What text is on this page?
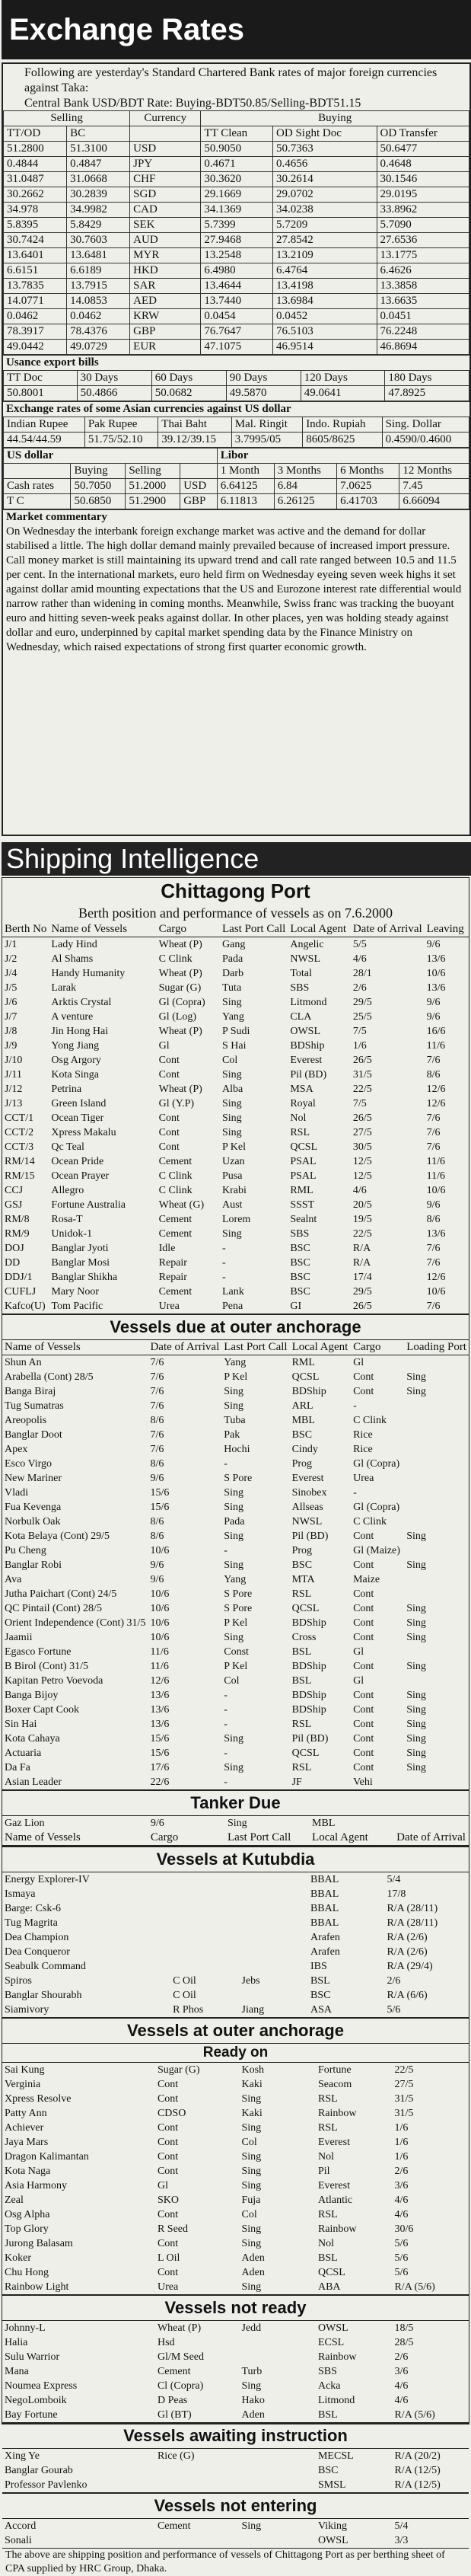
Exchange Rates
Following are yesterday's Standard Chartered Bank rates of major foreign currencies against Taka:
Central Bank USD/BDT Rate: Buying-BDT50.85/Selling-BDT51.15
Selling		Currency	Buying		
TT/OD	BC		TT Clean	OD Sight Doc	OD Transfer
51.2800	51.3100	USD	50.9050	50.7363	50.6477
0.4844	0.4847	JPY	0.4671	0.4656	0.4648
31.0487	31.0668	CHF	30.3620	30.2614	30.1546
30.2662	30.2839	SGD	29.1669	29.0702	29.0195
34.978	34.9982	CAD	34.1369	34.0238	33.8962
5.8395	5.8429	SEK	5.7399	5.7209	5.7090
30.7424	30.7603	AUD	27.9468	27.8542	27.6536
13.6401	13.6481	MYR	13.2548	13.2109	13.1775
6.6151	6.6189	HKD	6.4980	6.4764	6.4626
13.7835	13.7915	SAR	13.4644	13.4198	13.3858
14.0771	14.0853	AED	13.7440	13.6984	13.6635
0.0462	0.0462	KRW	0.0454	0.0452	0.0451
78.3917	78.4376	GBP	76.7647	76.5103	76.2248
49.0442	49.0729	EUR	47.1075	46.9514	46.8694
Usance export bills
TT Doc	30 Days	60 Days	90 Days	120 Days	180 Days
50.8001	50.4866	50.0682	49.5870	49.0641	47.8925
Exchange rates of some Asian currencies against US dollar
Indian Rupee	Pak Rupee	Thai Baht	Mal. Ringit	Indo. Rupiah	Sing. Dollar
44.54/44.59	51.75/52.10	39.12/39.15	3.7995/05	8605/8625	0.4590/0.4600
US dollar				Libor			
	Buying	Selling		1 Month	3 Months	6 Months	12 Months
Cash rates	50.7050	51.2000	USD	6.64125	6.84	7.0625	7.45
T C	50.6850	51.2900	GBP	6.11813	6.26125	6.41703	6.66094
Market commentary
On Wednesday the interbank foreign exchange market was active and the demand for dollar stabilised a little. The high dollar demand mainly prevailed because of increased import pressure. Call money market is still maintaining its upward trend and call rate ranged between 10.5 and 11.5 per cent. In the international markets, euro held firm on Wednesday eyeing seven week highs it set against dollar amid mounting expectations that the US and Eurozone interest rate differential would narrow rather than widening in coming months. Meanwhile, Swiss franc was tracking the buoyant euro and hitting seven-week peaks against dollar. In other places, yen was holding steady against dollar and euro, underpinned by capital market spending data by the Finance Ministry on Wednesday, which raised expectations of strong first quarter economic growth.
Shipping Intelligence
Chittagong Port
Berth position and performance of vessels as on 7.6.2000
Berth No	Name of Vessels	Cargo	Last Port Call	Local Agent	Date of Arrival	Leaving
J/1	Lady Hind	Wheat (P)	Gang	Angelic	5/5	9/6
J/2	Al Shams	C Clink	Pada	NWSL	4/6	13/6
J/4	Handy Humanity	Wheat (P)	Darb	Total	28/1	10/6
J/5	Larak	Sugar (G)	Tuta	SBS	2/6	13/6
J/6	Arktis Crystal	Gl (Copra)	Sing	Litmond	29/5	9/6
J/7	A venture	Gl (Log)	Yang	CLA	25/5	9/6
J/8	Jin Hong Hai	Wheat (P)	P Sudi	OWSL	7/5	16/6
J/9	Yong Jiang	Gl	S Hai	BDShip	1/6	11/6
J/10	Osg Argory	Cont	Col	Everest	26/5	7/6
J/11	Kota Singa	Cont	Sing	Pil (BD)	31/5	8/6
J/12	Petrina	Wheat (P)	Alba	MSA	22/5	12/6
J/13	Green Island	Gl (Y.P)	Sing	Royal	7/5	12/6
CCT/1	Ocean Tiger	Cont	Sing	Nol	26/5	7/6
CCT/2	Xpress Makalu	Cont	Sing	RSL	27/5	7/6
CCT/3	Qc Teal	Cont	P Kel	QCSL	30/5	7/6
RM/14	Ocean Pride	Cement	Uzan	PSAL	12/5	11/6
RM/15	Ocean Prayer	C Clink	Pusa	PSAL	12/5	11/6
CCJ	Allegro	C Clink	Krabi	RML	4/6	10/6
GSJ	Fortune Australia	Wheat (G)	Aust	SSST	20/5	9/6
RM/8	Rosa-T	Cement	Lorem	Sealnt	19/5	8/6
RM/9	Unidok-1	Cement	Sing	SBS	22/5	13/6
DOJ	Banglar Jyoti	Idle	-	BSC	R/A	7/6
DD	Banglar Mosi	Repair	-	BSC	R/A	7/6
DDJ/1	Banglar Shikha	Repair	-	BSC	17/4	12/6
CUFLJ	Mary Noor	Cement	Lank	BSC	29/5	10/6
Kafco(U)	Tom Pacific	Urea	Pena	GI	26/5	7/6
Vessels due at outer anchorage
Name of Vessels	Date of Arrival	Last Port Call	Local Agent	Cargo	Loading Port
Shun An	7/6	Yang	RML	Gl	
Arabella (Cont) 28/5	7/6	P Kel	QCSL	Cont	Sing
Banga Biraj	7/6	Sing	BDShip	Cont	Sing
Tug Sumatras	7/6	Sing	ARL	-	
Areopolis	8/6	Tuba	MBL	C Clink	
Banglar Doot	7/6	Pak	BSC	Rice	
Apex	7/6	Hochi	Cindy	Rice	
Esco Virgo	8/6	-	Prog	Gl (Copra)	
New Mariner	9/6	S Pore	Everest	Urea	
Vladi	15/6	Sing	Sinobex	-	
Fua Kevenga	15/6	Sing	Allseas	Gl (Copra)	
Norbulk Oak	8/6	Pada	NWSL	C Clink	
Kota Belaya (Cont) 29/5	8/6	Sing	Pil (BD)	Cont	Sing
Pu Cheng	10/6	-	Prog	Gl (Maize)	
Banglar Robi	9/6	Sing	BSC	Cont	Sing
Ava	9/6	Yang	MTA	Maize	
Jutha Paichart (Cont) 24/5	10/6	S Pore	RSL	Cont	
QC Pintail (Cont) 28/5	10/6	S Pore	QCSL	Cont	Sing
Orient Independence (Cont) 31/5	10/6	P Kel	BDShip	Cont	Sing
Jaamii	10/6	Sing	Cross	Cont	Sing
Egasco Fortune	11/6	Const	BSL	Gl	
B Birol (Cont) 31/5	11/6	P Kel	BDShip	Cont	Sing
Kapitan Petro Voevoda	12/6	Col	BSL	Gl	
Banga Bijoy	13/6	-	BDShip	Cont	Sing
Boxer Capt Cook	13/6	-	BDShip	Cont	Sing
Sin Hai	13/6	-	RSL	Cont	Sing
Kota Cahaya	15/6	Sing	Pil (BD)	Cont	Sing
Actuaria	15/6	-	QCSL	Cont	Sing
Da Fa	17/6	Sing	RSL	Cont	Sing
Asian Leader	22/6	-	JF	Vehi	
Tanker Due
Gaz Lion	9/6	Sing	MBL	
Name of Vessels	Cargo	Last Port Call	Local Agent	Date of Arrival
Vessels at Kutubdia
Energy Explorer-IV			BBAL	5/4
Ismaya			BBAL	17/8
Barge: Csk-6			BBAL	R/A (28/11)
Tug Magrita			BBAL	R/A (28/11)
Dea Champion			Arafen	R/A (2/6)
Dea Conqueror			Arafen	R/A (2/6)
Seabulk Command			IBS	R/A (29/4)
Spiros	C Oil	Jebs	BSL	2/6
Banglar Shourabh	C Oil		BSC	R/A (6/6)
Siamivory	R Phos	Jiang	ASA	5/6
Vessels at outer anchorage
Ready on
Sai Kung	Sugar (G)	Kosh	Fortune	22/5
Verginia	Cont	Kaki	Seacom	27/5
Xpress Resolve	Cont	Sing	RSL	31/5
Patty Ann	CDSO	Kaki	Rainbow	31/5
Achiever	Cont	Sing	RSL	1/6
Jaya Mars	Cont	Col	Everest	1/6
Dragon Kalimantan	Cont	Sing	Nol	1/6
Kota Naga	Cont	Sing	Pil	2/6
Asia Harmony	Gl	Sing	Everest	3/6
Zeal	SKO	Fuja	Atlantic	4/6
Osg Alpha	Cont	Col	RSL	4/6
Top Glory	R Seed	Sing	Rainbow	30/6
Jurong Balasam	Cont	Sing	Nol	5/6
Koker	L Oil	Aden	BSL	5/6
Chu Hong	Cont	Aden	QCSL	5/6
Rainbow Light	Urea	Sing	ABA	R/A (5/6)
Vessels not ready
Johnny-L	Wheat (P)	Jedd	OWSL	18/5
Halia	Hsd		ECSL	28/5
Sulu Warrior	Gl/M Seed		Rainbow	2/6
Mana	Cement	Turb	SBS	3/6
Noumea Express	Cl (Copra)	Sing	Acka	4/6
NegoLomboik	D Peas	Hako	Litmond	4/6
Bay Fortune	Gl (BT)	Aden	BSL	R/A (5/6)
Vessels awaiting instruction
Xing Ye	Rice (G)		MECSL	R/A (20/2)
Banglar Gourab			BSC	R/A (12/5)
Professor Pavlenko			SMSL	R/A (12/5)
Vessels not entering
Accord	Cement	Sing	Viking	5/4
Sonali			OWSL	3/3
The above are shipping position and performance of vessels of Chittagong Port as per berthing sheet of CPA supplied by HRC Group, Dhaka.
